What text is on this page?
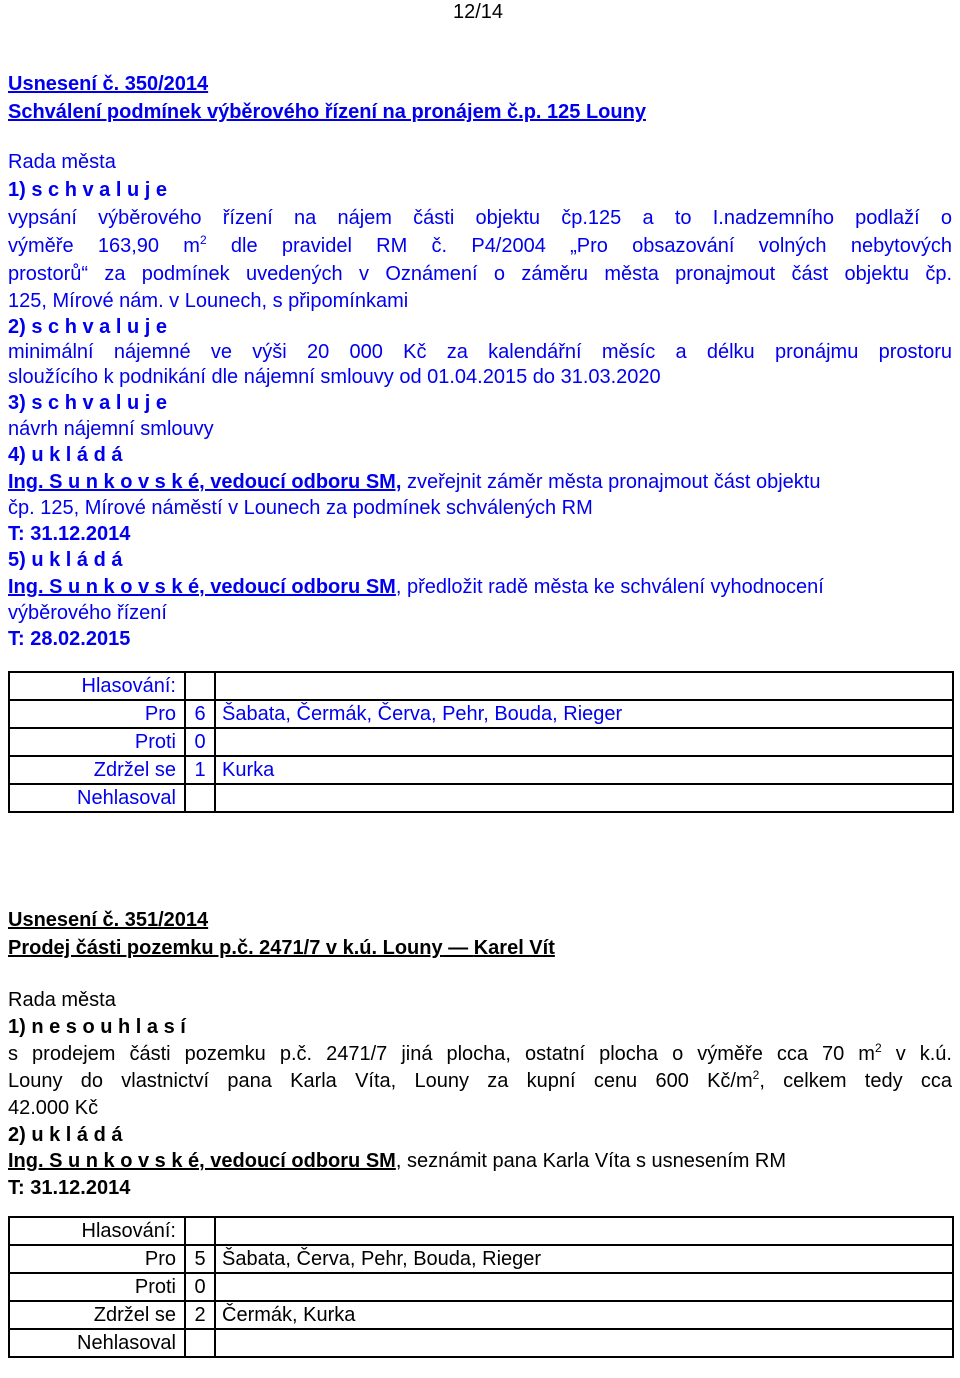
12/14
Usnesení č. 350/2014
Schválení podmínek výběrového řízení na pronájem č.p. 125 Louny
Rada města
1) s c h v a l u j e
vypsání výběrového řízení na nájem části objektu čp.125 a to I.nadzemního podlaží o
výměře 163,90 $m^2$ dle pravidel RM č. P4/2004 „Pro obsazování volných nebytových
prostorů“ za podmínek uvedených v Oznámení o záměru města pronajmout část objektu čp.
125, Mírové nám. v Lounech, s připomínkami
2) s c h v a l u j e
minimální nájemné ve výši 20 000 Kč za kalendářní měsíc a délku pronájmu prostoru
sloužícího k podnikání dle nájemní smlouvy od 01.04.2015 do 31.03.2020
3) s c h v a l u j e
návrh nájemní smlouvy
4) u k l á d á
Ing. S u n k o v s k é, vedoucí odboru SM, zveřejnit záměr města pronajmout část objektu
čp. 125, Mírové náměstí v Lounech za podmínek schválených RM
T: 31.12.2014
5) u k l á d á
Ing. S u n k o v s k é, vedoucí odboru SM, předložit radě města ke schválení vyhodnocení
výběrového řízení
T: 28.02.2015
Hlasování:		
Pro	6	Šabata, Čermák, Červa, Pehr, Bouda, Rieger
Proti	0	
Zdržel se	1	Kurka
Nehlasoval		
Usnesení č. 351/2014
Prodej části pozemku p.č. 2471/7 v k.ú. Louny — Karel Vít
Rada města
1) n e s o u h l a s í
s prodejem části pozemku p.č. 2471/7 jiná plocha, ostatní plocha o výměře cca 70 $m^2$ v k.ú.
Louny do vlastnictví pana Karla Víta, Louny za kupní cenu 600 $Kč/m^2$, celkem tedy cca
42.000 Kč
2) u k l á d á
Ing. S u n k o v s k é, vedoucí odboru SM, seznámit pana Karla Víta s usnesením RM
T: 31.12.2014
Hlasování:		
Pro	5	Šabata, Červa, Pehr, Bouda, Rieger
Proti	0	
Zdržel se	2	Čermák, Kurka
Nehlasoval		
